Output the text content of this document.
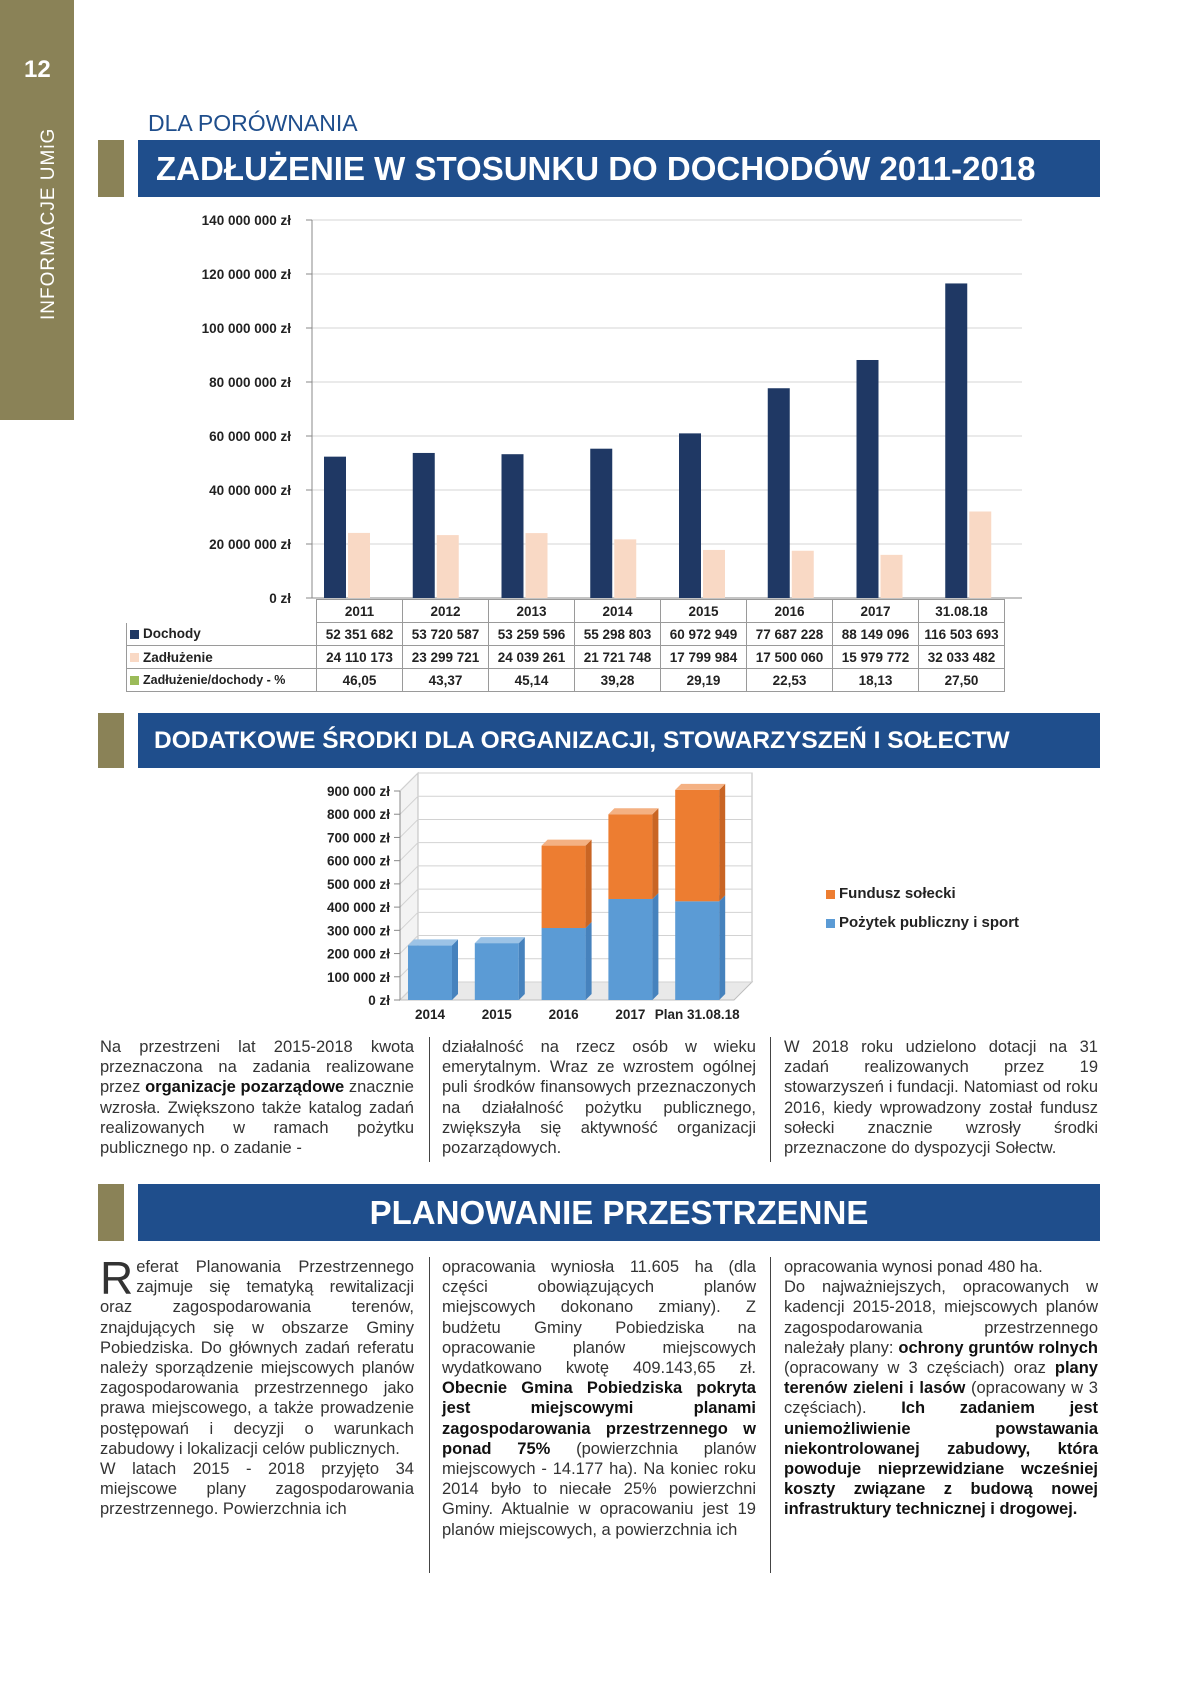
12
INFORMACJE UMiG
DLA PORÓWNANIA
ZADŁUŻENIE W STOSUNKU DO DOCHODÓW 2011-2018
0 zł
20 000 000 zł
40 000 000 zł
60 000 000 zł
80 000 000 zł
100 000 000 zł
120 000 000 zł
140 000 000 zł
0 zł
100 000 zł
200 000 zł
300 000 zł
400 000 zł
500 000 zł
600 000 zł
700 000 zł
800 000 zł
900 000 zł
2014	2015	2016	2017 Plan 31.08.18
	2011	2012	2013	2014	2015	2016	2017	31.08.18
Dochody	52 351 682	53 720 587	53 259 596	55 298 803	60 972 949	77 687 228	88 149 096	116 503 693
Zadłużenie	24 110 173	23 299 721	24 039 261	21 721 748	17 799 984	17 500 060	15 979 772	32 033 482
Zadłużenie/dochody - %	46,05	43,37	45,14	39,28	29,19	22,53	18,13	27,50
DODATKOWE ŚRODKI DLA ORGANIZACJI, STOWARZYSZEŃ I SOŁECTW
Fundusz sołecki
Pożytek publiczny i sport
Na przestrzeni lat 2015-2018 kwota przeznaczona na zadania realizowane przez organizacje pozarządowe znacznie wzrosła. Zwiększono także katalog zadań realizowanych w ramach pożytku publicznego np. o zadanie -
działalność na rzecz osób w wieku emerytalnym. Wraz ze wzrostem ogólnej puli środków finansowych przeznaczonych na działalność pożytku publicznego, zwiększyła się aktywność organizacji pozarządowych.
W 2018 roku udzielono dotacji na 31 zadań realizowanych przez 19 stowarzyszeń i fundacji. Natomiast od roku 2016, kiedy wprowadzony został fundusz sołecki znacznie wzrosły środki przeznaczone do dyspozycji Sołectw.
PLANOWANIE PRZESTRZENNE
Referat Planowania Przestrzennego zajmuje się tematyką rewitalizacji oraz zagospodarowania terenów, znajdujących się w obszarze Gminy Pobiedziska. Do głównych zadań referatu należy sporządzenie miejscowych planów zagospodarowania przestrzennego jako prawa miejscowego, a także prowadzenie postępowań i decyzji o warunkach zabudowy i lokalizacji celów publicznych.
W latach 2015 - 2018 przyjęto 34 miejscowe plany zagospodarowania przestrzennego. Powierzchnia ich
opracowania wyniosła 11.605 ha (dla części obowiązujących planów miejscowych dokonano zmiany). Z budżetu Gminy Pobiedziska na opracowanie planów miejscowych wydatkowano kwotę 409.143,65 zł. Obecnie Gmina Pobiedziska pokryta jest miejscowymi planami zagospodarowania przestrzennego w ponad 75% (powierzchnia planów miejscowych - 14.177 ha). Na koniec roku 2014 było to niecałe 25% powierzchni Gminy. Aktualnie w opracowaniu jest 19 planów miejscowych, a powierzchnia ich
opracowania wynosi ponad 480 ha.
Do najważniejszych, opracowanych w kadencji 2015-2018, miejscowych planów zagospodarowania przestrzennego należały plany: ochrony gruntów rolnych (opracowany w 3 częściach) oraz plany terenów zieleni i lasów (opracowany w 3 częściach). Ich zadaniem jest uniemożliwienie powstawania niekontrolowanej zabudowy, która powoduje nieprzewidziane wcześniej koszty związane z budową nowej infrastruktury technicznej i drogowej.
